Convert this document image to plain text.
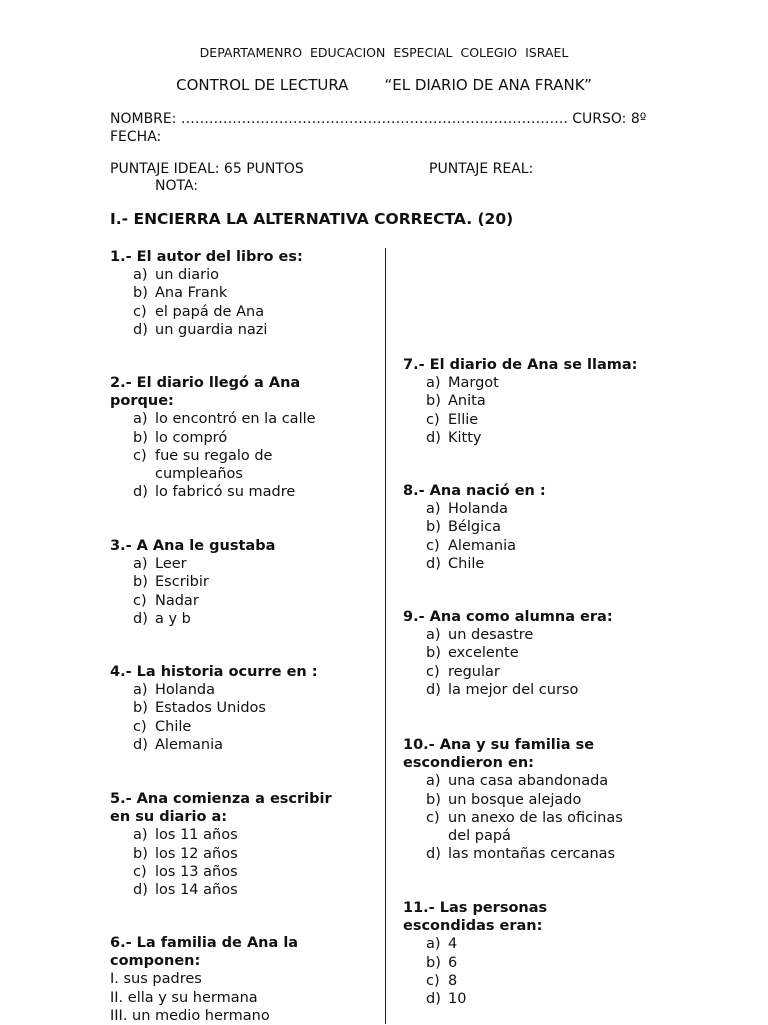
DEPARTAMENRO EDUCACION ESPECIAL COLEGIO ISRAEL
CONTROL DE LECTURA “EL DIARIO DE ANA FRANK”
NOMBRE: ……………………………………………………………………….. CURSO: 8º
FECHA:
PUNTAJE IDEAL: 65 PUNTOS	PUNTAJE REAL:
NOTA:
I.- ENCIERRA LA ALTERNATIVA CORRECTA. (20)
1.- El autor del libro es:
a) un diario
b) Ana Frank
c) el papá de Ana
d) un guardia nazi
2.- El diario llegó a Ana
porque:
a) lo encontró en la calle
b) lo compró
c) fue su regalo de
cumpleaños
d) lo fabricó su madre
3.- A Ana le gustaba
a) Leer
b) Escribir
c) Nadar
d) a y b
4.- La historia ocurre en :
a) Holanda
b) Estados Unidos
c) Chile
d) Alemania
5.- Ana comienza a escribir
en su diario a:
a) los 11 años
b) los 12 años
c) los 13 años
d) los 14 años
6.- La familia de Ana la
componen:
I. sus padres
II. ella y su hermana
III. un medio hermano
7.- El diario de Ana se llama:
a) Margot
b) Anita
c) Ellie
d) Kitty
8.- Ana nació en :
a) Holanda
b) Bélgica
c) Alemania
d) Chile
9.- Ana como alumna era:
a) un desastre
b) excelente
c) regular
d) la mejor del curso
10.- Ana y su familia se
escondieron en:
a) una casa abandonada
b) un bosque alejado
c) un anexo de las oficinas
del papá
d) las montañas cercanas
11.- Las personas
escondidas eran:
a) 4
b) 6
c) 8
d) 10
